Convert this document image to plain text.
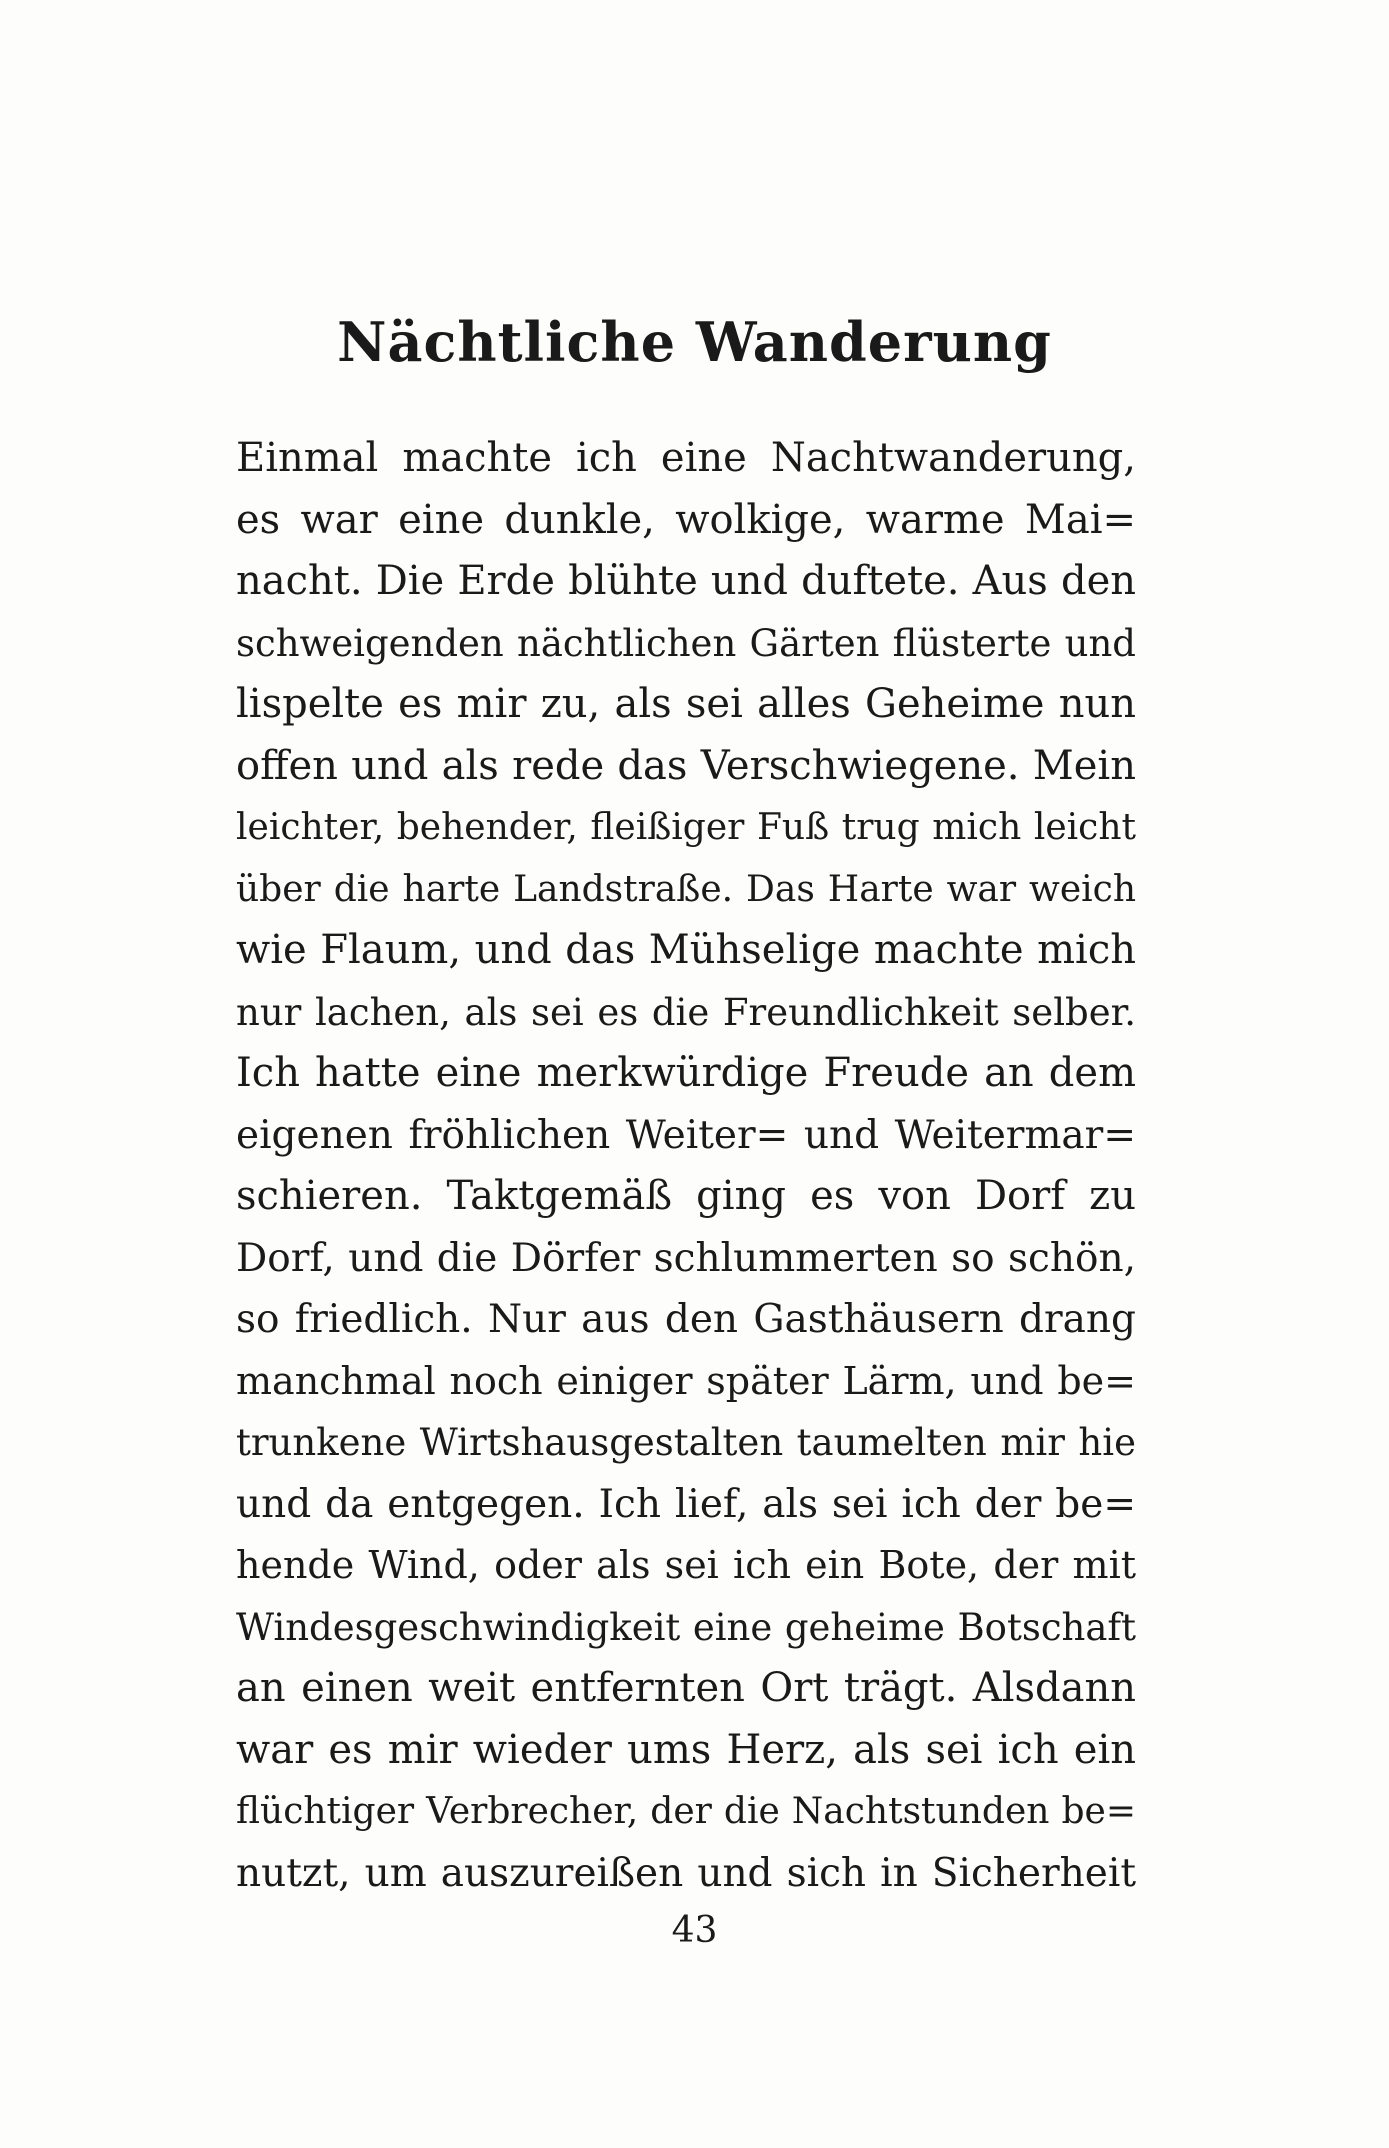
Nächtliche Wanderung
Einmal machte ich eine Nachtwanderung,
es war eine dunkle, wolkige, warme Mai=
nacht. Die Erde blühte und duftete. Aus den
schweigenden nächtlichen Gärten flüsterte und
lispelte es mir zu, als sei alles Geheime nun
offen und als rede das Verschwiegene. Mein
leichter, behender, fleißiger Fuß trug mich leicht
über die harte Landstraße. Das Harte war weich
wie Flaum, und das Mühselige machte mich
nur lachen, als sei es die Freundlichkeit selber.
Ich hatte eine merkwürdige Freude an dem
eigenen fröhlichen Weiter= und Weitermar=
schieren. Taktgemäß ging es von Dorf zu
Dorf, und die Dörfer schlummerten so schön,
so friedlich. Nur aus den Gasthäusern drang
manchmal noch einiger später Lärm, und be=
trunkene Wirtshausgestalten taumelten mir hie
und da entgegen. Ich lief, als sei ich der be=
hende Wind, oder als sei ich ein Bote, der mit
Windesgeschwindigkeit eine geheime Botschaft
an einen weit entfernten Ort trägt. Alsdann
war es mir wieder ums Herz, als sei ich ein
flüchtiger Verbrecher, der die Nachtstunden be=
nutzt, um auszureißen und sich in Sicherheit
43
